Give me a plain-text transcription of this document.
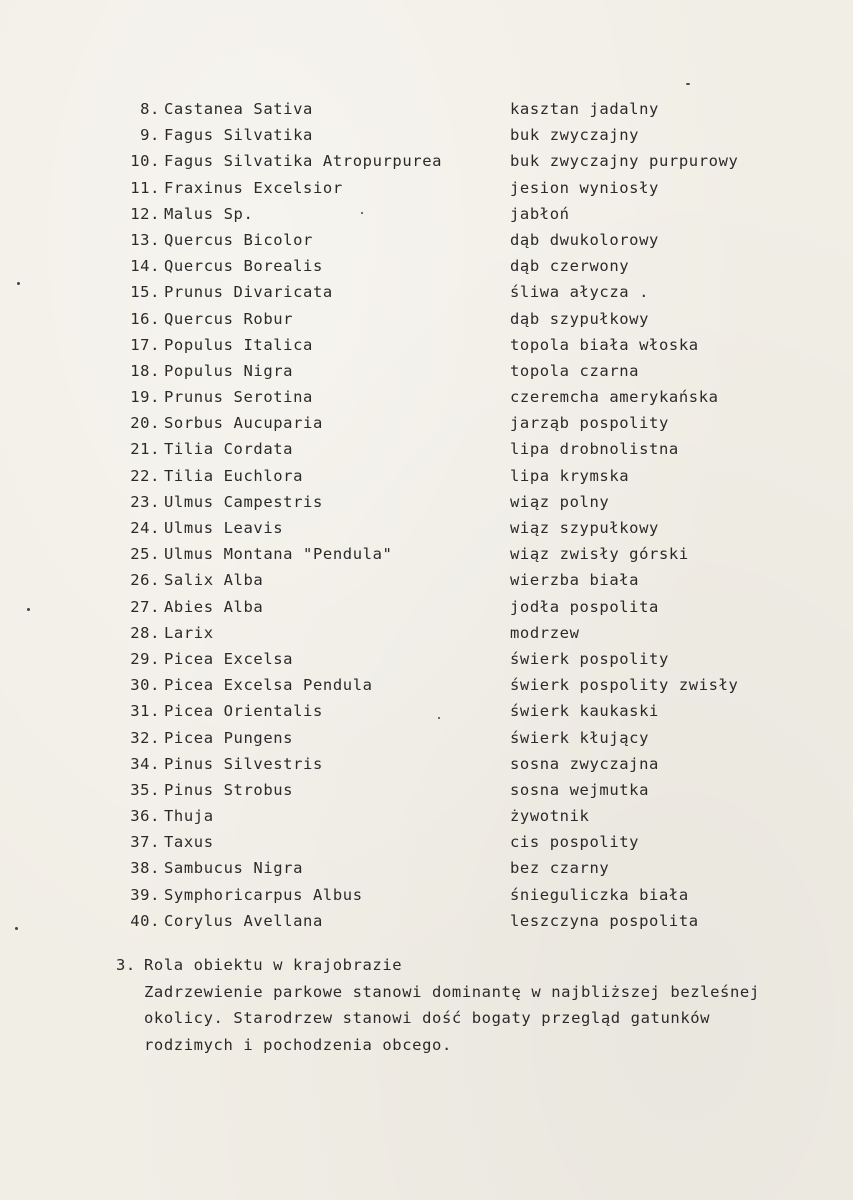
8. Castanea Sativa	kasztan jadalny
9. Fagus Silvatika	buk zwyczajny
10. Fagus Silvatika Atropurpurea	buk zwyczajny purpurowy
11. Fraxinus Excelsior	jesion wyniosły
12. Malus Sp.	jabłoń
13. Quercus Bicolor	dąb dwukolorowy
14. Quercus Borealis	dąb czerwony
15. Prunus Divaricata	śliwa ałycza .
16. Quercus Robur	dąb szypułkowy
17. Populus Italica	topola biała włoska
18. Populus Nigra	topola czarna
19. Prunus Serotina	czeremcha amerykańska
20. Sorbus Aucuparia	jarząb pospolity
21. Tilia Cordata	lipa drobnolistna
22. Tilia Euchlora	lipa krymska
23. Ulmus Campestris	wiąz polny
24. Ulmus Leavis	wiąz szypułkowy
25. Ulmus Montana "Pendula"	wiąz zwisły górski
26. Salix Alba	wierzba biała
27. Abies Alba	jodła pospolita
28. Larix	modrzew
29. Picea Excelsa	świerk pospolity
30. Picea Excelsa Pendula	świerk pospolity zwisły
31. Picea Orientalis	świerk kaukaski
32. Picea Pungens	świerk kłujący
34. Pinus Silvestris	sosna zwyczajna
35. Pinus Strobus	sosna wejmutka
36. Thuja	żywotnik
37. Taxus	cis pospolity
38. Sambucus Nigra	bez czarny
39. Symphoricarpus Albus	śnieguliczka biała
40. Corylus Avellana	leszczyna pospolita
3. Rola obiektu w krajobrazie
Zadrzewienie parkowe stanowi dominantę w najbliższej bezleśnej
okolicy. Starodrzew stanowi dość bogaty przegląd gatunków
rodzimych i pochodzenia obcego.
